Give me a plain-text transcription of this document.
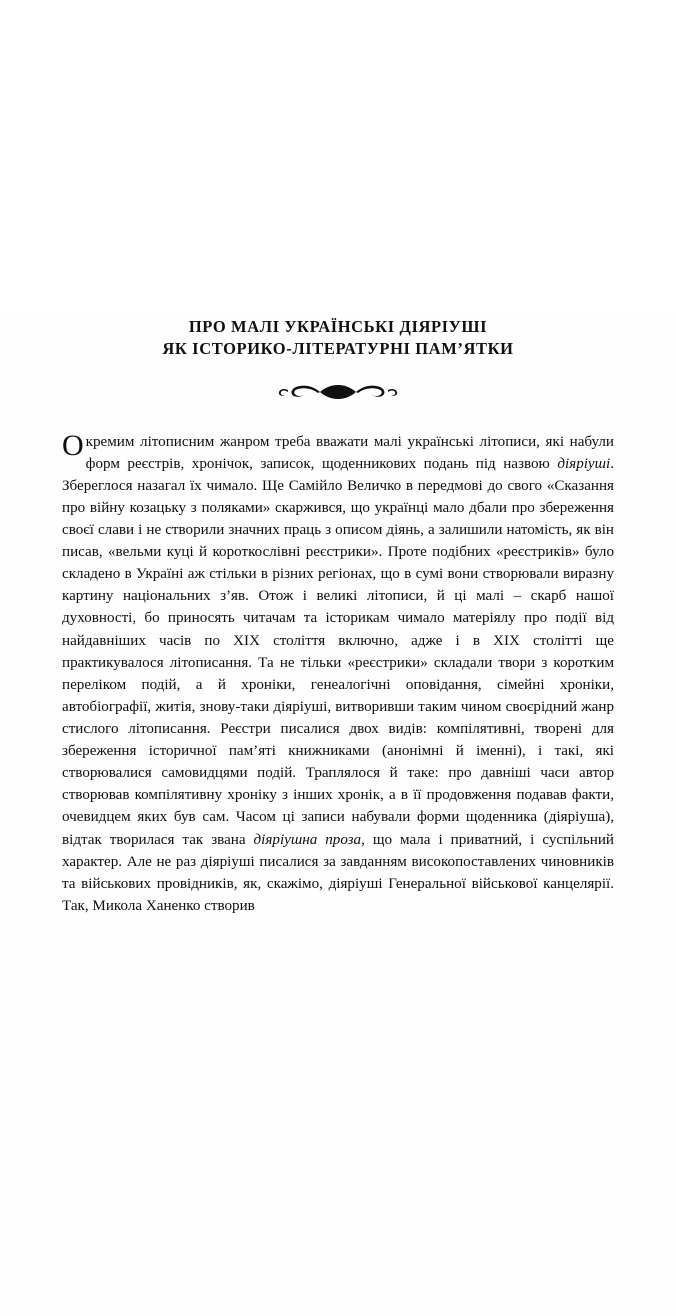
ПРО МАЛІ УКРАЇНСЬКІ ДІЯРІУШІ
ЯК ІСТОРИКО-ЛІТЕРАТУРНІ ПАМ’ЯТКИ

Окремим літописним жанром треба вважати малі українські літописи, які набули форм реєстрів, хронічок, записок, щоденникових подань під назвою діяріуші. Збереглося назагал їх чимало. Ще Самійло Величко в передмові до свого «Сказання про війну козацьку з поляками» скаржився, що українці мало дбали про збереження своєї слави і не створили значних праць з описом діянь, а залишили натомість, як він писав, «вельми куці й короткослівні реєстрики». Проте подібних «реєстриків» було складено в Україні аж стільки в різних регіонах, що в сумі вони створювали виразну картину національних з’яв. Отож і великі літописи, й ці малі – скарб нашої духовності, бо приносять читачам та історикам чимало матеріялу про події від найдавніших часів по XIX століття включно, адже і в XIX столітті ще практикувалося літописання. Та не тільки «реєстрики» складали твори з коротким переліком подій, а й хроніки, генеалогічні оповідання, сімейні хроніки, автобіографії, житія, знову-таки діяріуші, витворивши таким чином своєрідний жанр стислого літописання. Реєстри писалися двох видів: компілятивні, творені для збереження історичної пам’яті книжниками (анонімні й іменні), і такі, які створювалися самовидцями подій. Траплялося й таке: про давніші часи автор створював компілятивну хроніку з інших хронік, а в її продовження подавав факти, очевидцем яких був сам. Часом ці записи набували форми щоденника (діяріуша), відтак творилася так звана діяріушна проза, що мала і приватний, і суспільний характер. Але не раз діяріуші писалися за завданням високопоставлених чиновників та військових провідників, як, скажімо, діяріуші Генеральної військової канцелярії. Так, Микола Ханенко створив
